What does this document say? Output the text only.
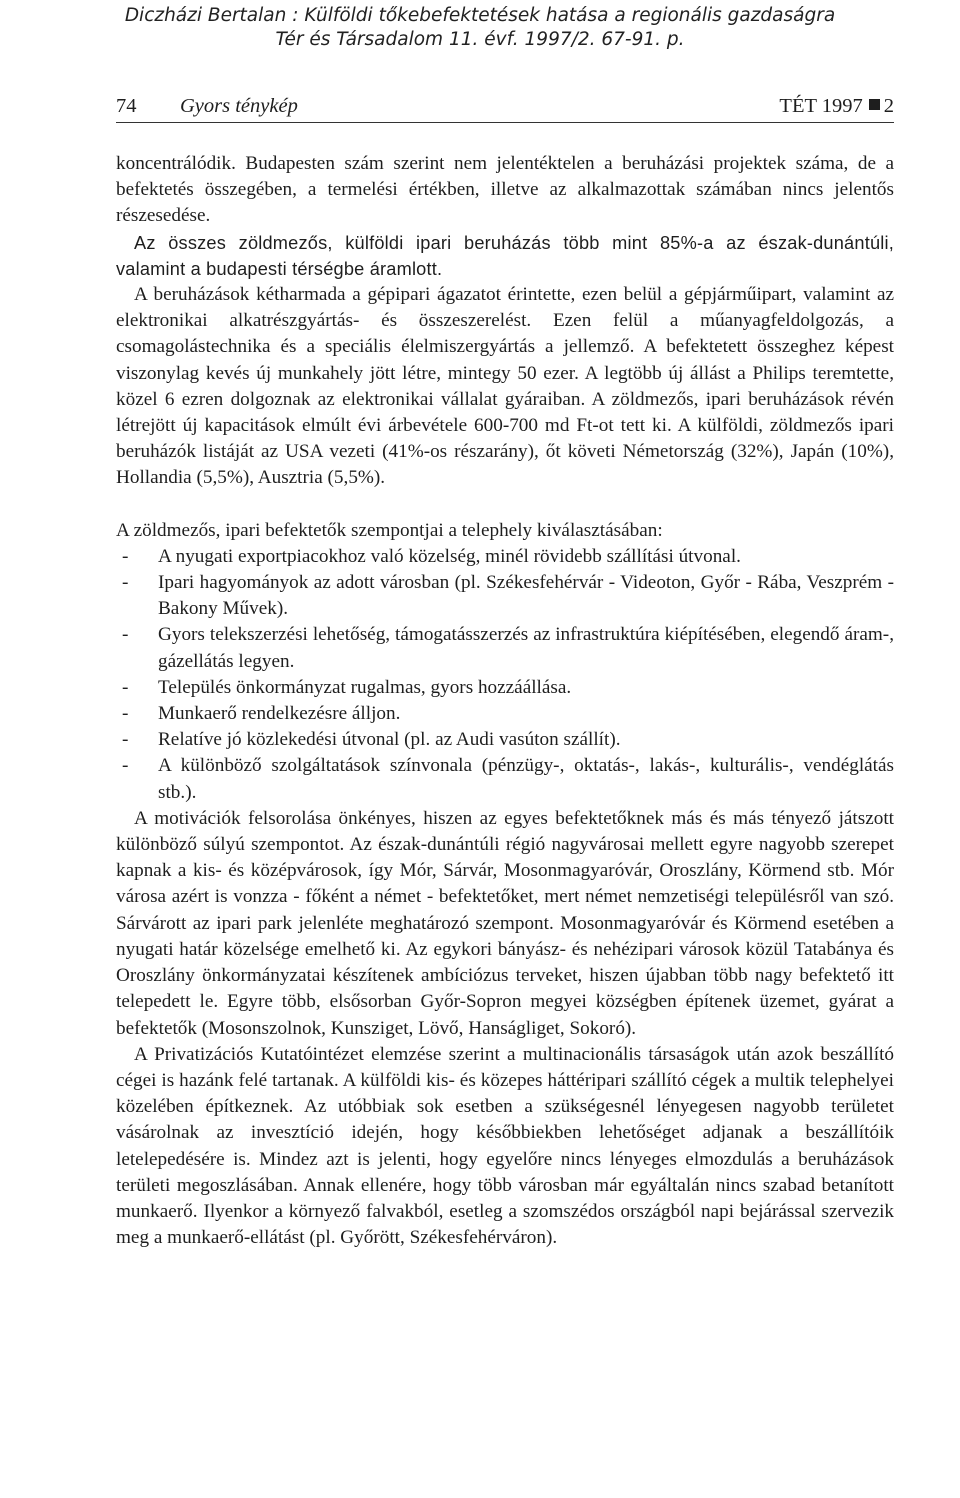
Diczházi Bertalan : Külföldi tőkebefektetések hatása a regionális gazdaságra
Tér és Társadalom 11. évf. 1997/2. 67-91. p.
74 Gyors ténykép	TÉT 1997 2

koncentrálódik. Budapesten szám szerint nem jelentéktelen a beruházási projektek száma, de a befektetés összegében, a termelési értékben, illetve az alkalmazottak számában nincs jelentős részesedése.

Az összes zöldmezős, külföldi ipari beruházás több mint 85%-a az észak-dunántúli, valamint a budapesti térségbe áramlott.

A beruházások kétharmada a gépipari ágazatot érintette, ezen belül a gépjárműipart, valamint az elektronikai alkatrészgyártás- és összeszerelést. Ezen felül a műanyagfeldolgozás, a csomagolástechnika és a speciális élelmiszergyártás a jellemző. A befektetett összeghez képest viszonylag kevés új munkahely jött létre, mintegy 50 ezer. A legtöbb új állást a Philips teremtette, közel 6 ezren dolgoznak az elektronikai vállalat gyáraiban. A zöldmezős, ipari beruházások révén létrejött új kapacitások elmúlt évi árbevétele 600-700 md Ft-ot tett ki. A külföldi, zöldmezős ipari beruházók listáját az USA vezeti (41%-os részarány), őt követi Németország (32%), Japán (10%), Hollandia (5,5%), Ausztria (5,5%).

A zöldmezős, ipari befektetők szempontjai a telephely kiválasztásában:

- A nyugati exportpiacokhoz való közelség, minél rövidebb szállítási útvonal.
- Ipari hagyományok az adott városban (pl. Székesfehérvár - Videoton, Győr - Rába, Veszprém - Bakony Művek).
- Gyors telekszerzési lehetőség, támogatásszerzés az infrastruktúra kiépítésében, elegendő áram-, gázellátás legyen.
- Település önkormányzat rugalmas, gyors hozzáállása.
- Munkaerő rendelkezésre álljon.
- Relatíve jó közlekedési útvonal (pl. az Audi vasúton szállít).
- A különböző szolgáltatások színvonala (pénzügy-, oktatás-, lakás-, kulturális-, vendéglátás stb.).

A motivációk felsorolása önkényes, hiszen az egyes befektetőknek más és más tényező játszott különböző súlyú szempontot. Az észak-dunántúli régió nagyvárosai mellett egyre nagyobb szerepet kapnak a kis- és középvárosok, így Mór, Sárvár, Mosonmagyaróvár, Oroszlány, Körmend stb. Mór városa azért is vonzza - főként a német - befektetőket, mert német nemzetiségi településről van szó. Sárvárott az ipari park jelenléte meghatározó szempont. Mosonmagyaróvár és Körmend esetében a nyugati határ közelsége emelhető ki. Az egykori bányász- és nehézipari városok közül Tatabánya és Oroszlány önkormányzatai készítenek ambíciózus terveket, hiszen újabban több nagy befektető itt telepedett le. Egyre több, elsősorban Győr-Sopron megyei községben építenek üzemet, gyárat a befektetők (Mosonszolnok, Kunsziget, Lövő, Hanságliget, Sokoró).

A Privatizációs Kutatóintézet elemzése szerint a multinacionális társaságok után azok beszállító cégei is hazánk felé tartanak. A külföldi kis- és közepes háttéripari szállító cégek a multik telephelyei közelében építkeznek. Az utóbbiak sok esetben a szükségesnél lényegesen nagyobb területet vásárolnak az invesztíció idején, hogy későbbiekben lehetőséget adjanak a beszállítóik letelepedésére is. Mindez azt is jelenti, hogy egyelőre nincs lényeges elmozdulás a beruházások területi megoszlásában. Annak ellenére, hogy több városban már egyáltalán nincs szabad betanított munkaerő. Ilyenkor a környező falvakból, esetleg a szomszédos országból napi bejárással szervezik meg a munkaerő-ellátást (pl. Győrött, Székesfehérváron).
